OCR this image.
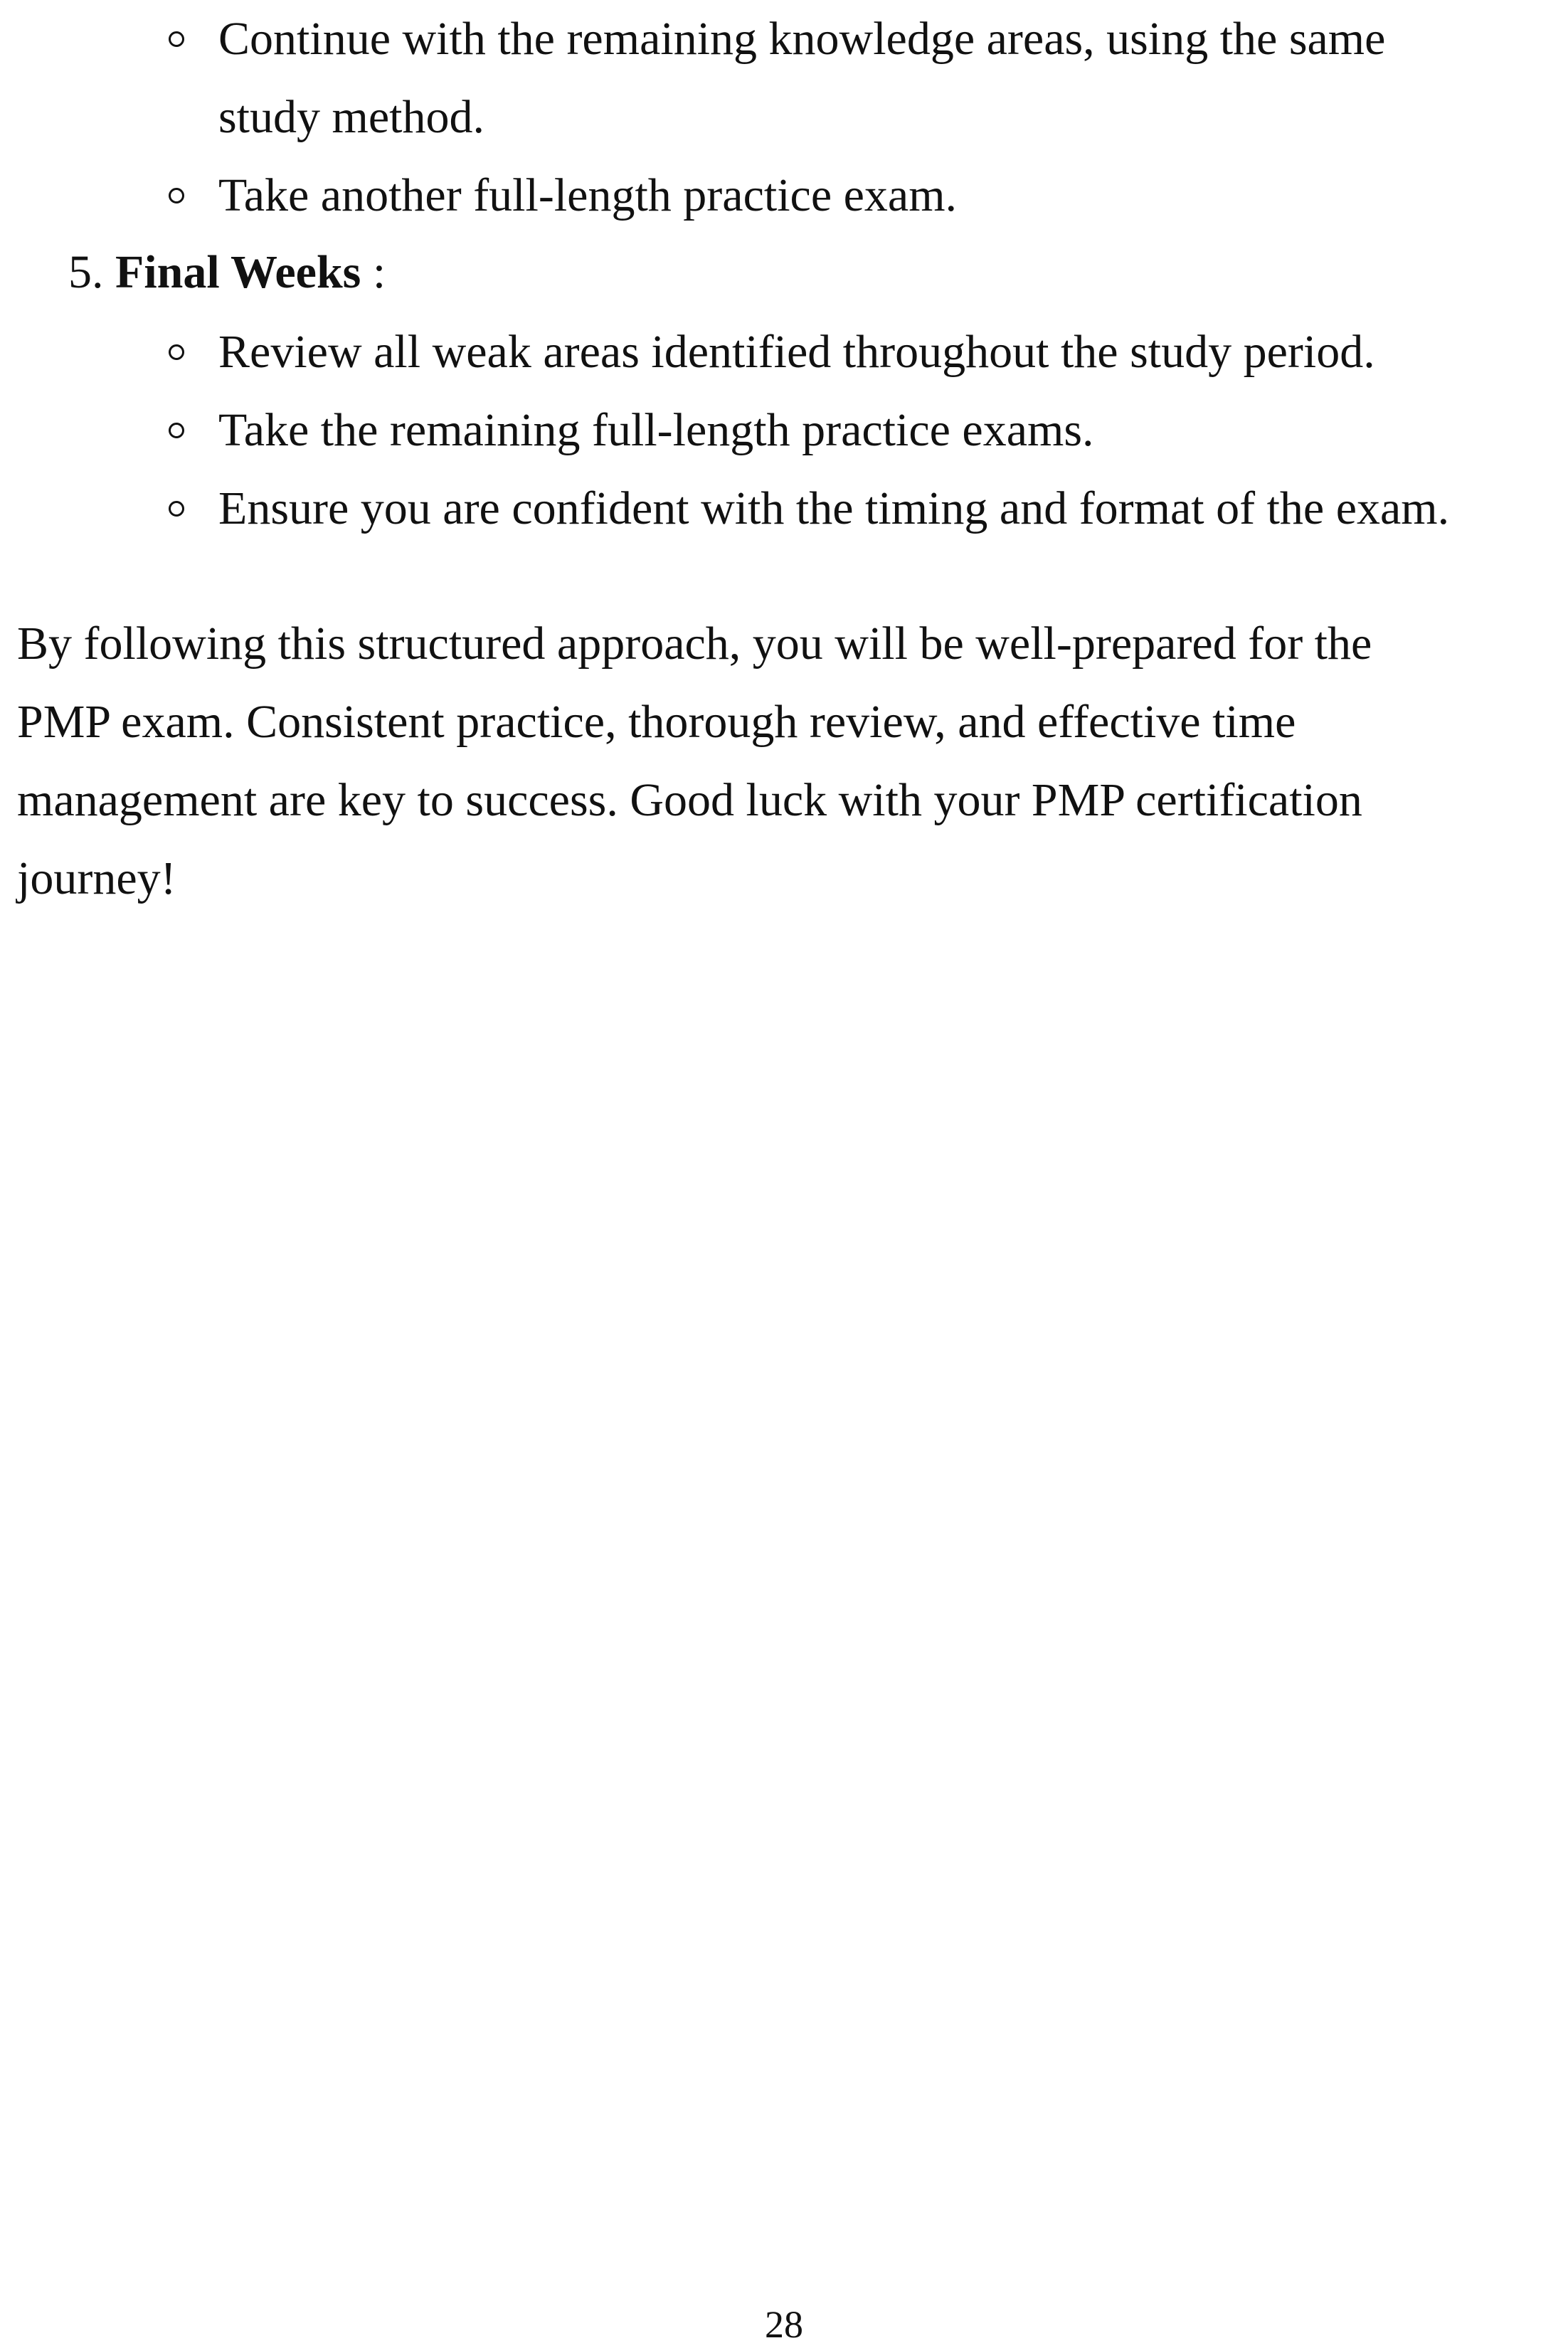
Continue with the remaining knowledge areas, using the same
study method.
Take another full-length practice exam.
5. Final Weeks :
Review all weak areas identified throughout the study period.
Take the remaining full-length practice exams.
Ensure you are confident with the timing and format of the exam.
By following this structured approach, you will be well-prepared for the
PMP exam. Consistent practice, thorough review, and effective time
management are key to success. Good luck with your PMP certification
journey!
28
